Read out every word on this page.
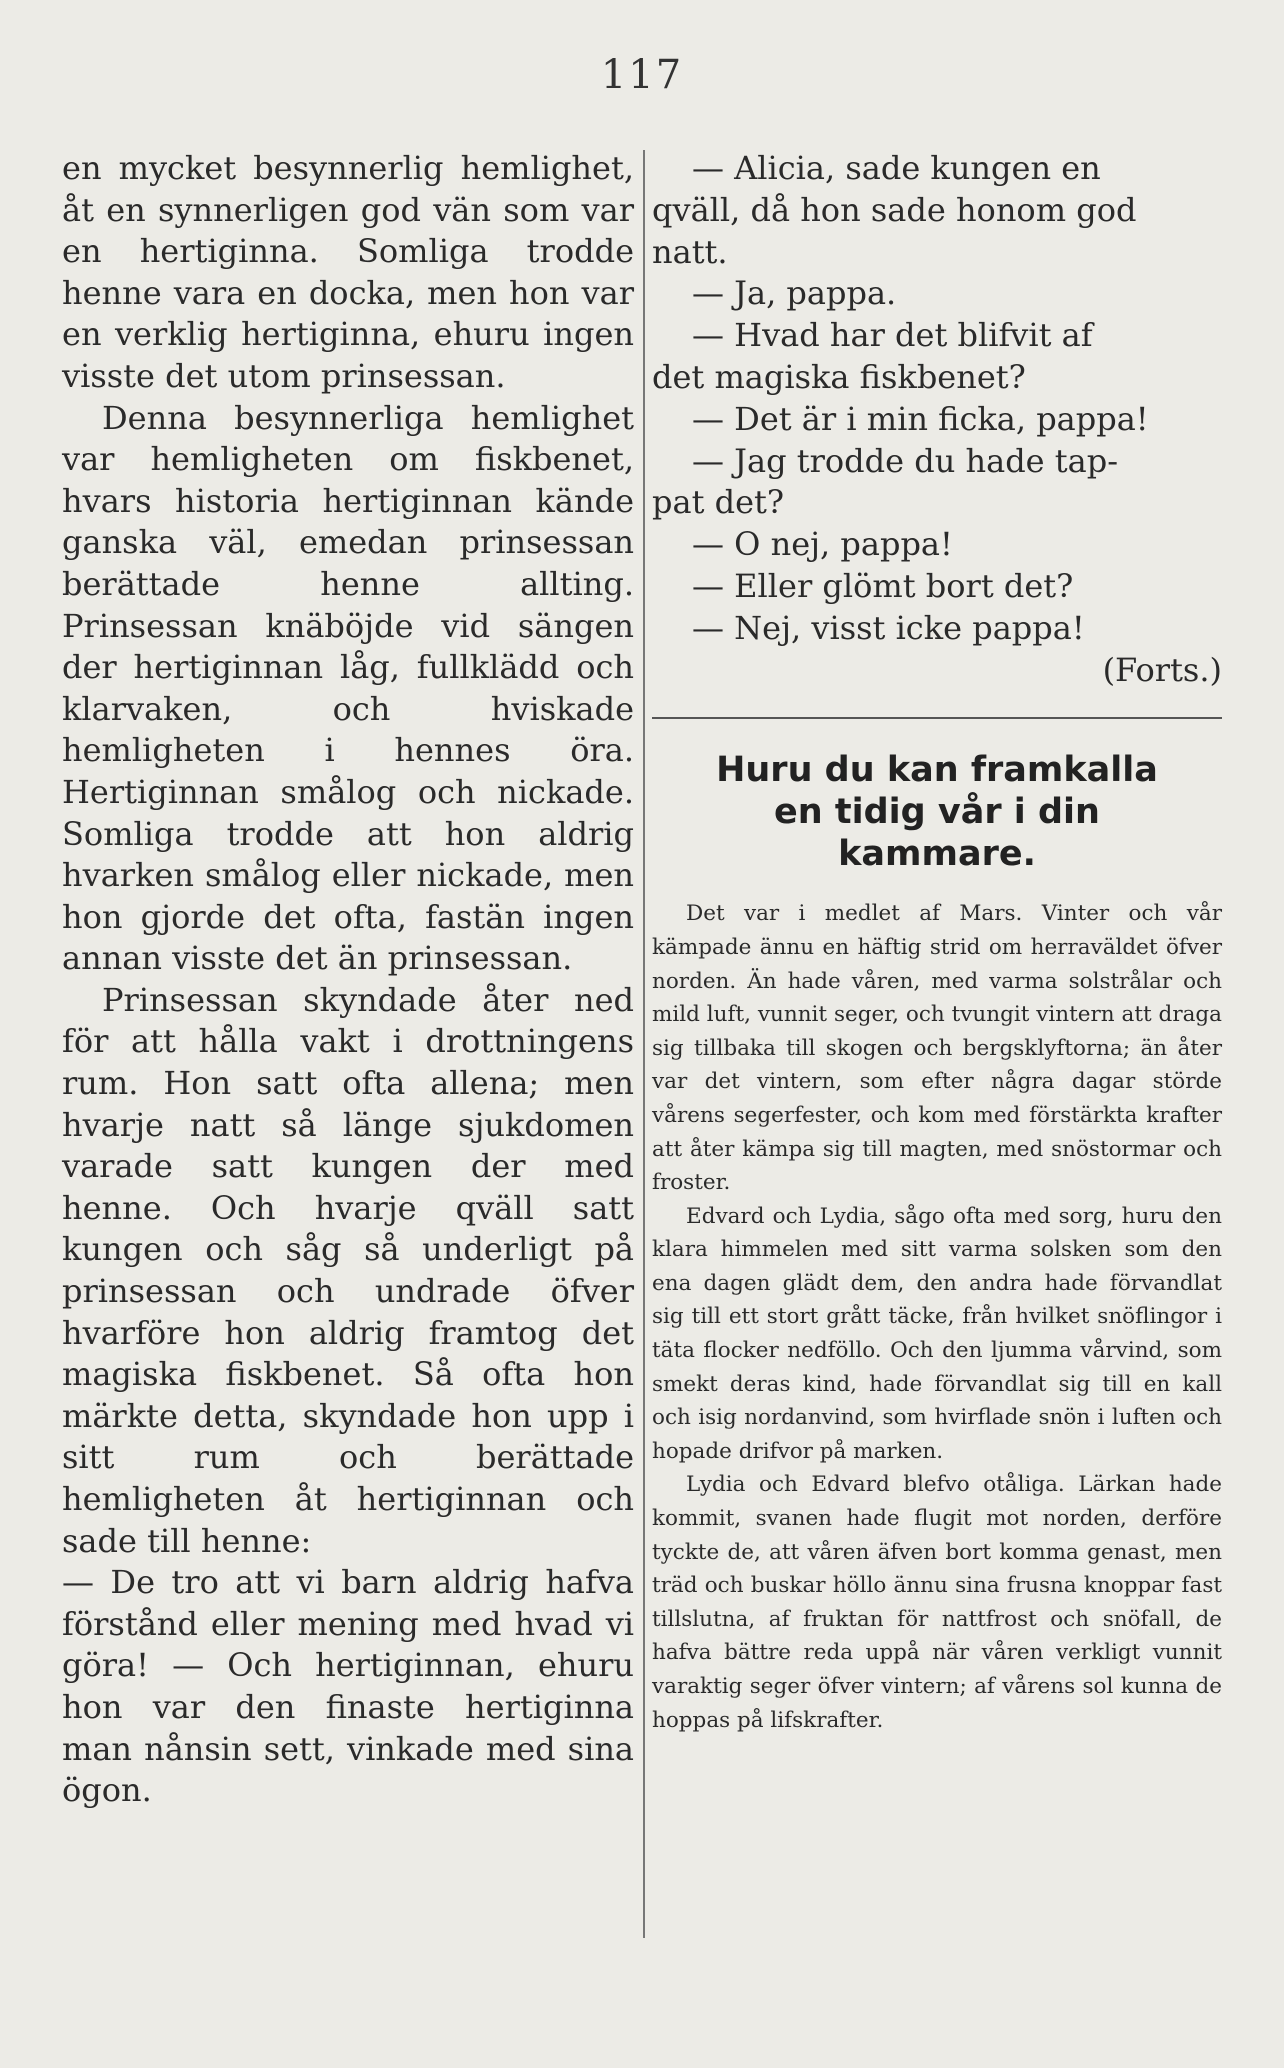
117

en mycket besynnerlig hemlighet, åt en synnerligen god vän som var en hertiginna. Somliga trodde henne vara en docka, men hon var en verklig hertiginna, ehuru ingen visste det utom prinsessan.

Denna besynnerliga hemlighet var hemligheten om fiskbenet, hvars historia hertiginnan kände ganska väl, emedan prinsessan berättade henne allting. Prinsessan knäböjde vid sängen der hertiginnan låg, fullklädd och klarvaken, och hviskade hemligheten i hennes öra. Hertiginnan smålog och nickade. Somliga trodde att hon aldrig hvarken smålog eller nickade, men hon gjorde det ofta, fastän ingen annan visste det än prinsessan.

Prinsessan skyndade åter ned för att hålla vakt i drottningens rum. Hon satt ofta allena; men hvarje natt så länge sjukdomen varade satt kungen der med henne. Och hvarje qväll satt kungen och såg så underligt på prinsessan och undrade öfver hvarföre hon aldrig framtog det magiska fiskbenet. Så ofta hon märkte detta, skyndade hon upp i sitt rum och berättade hemligheten åt hertiginnan och sade till henne:

— De tro att vi barn aldrig hafva förstånd eller mening med hvad vi göra! — Och hertiginnan, ehuru hon var den finaste hertiginna man nånsin sett, vinkade med sina ögon.

— Alicia, sade kungen en

qväll, då hon sade honom god

natt.

— Ja, pappa.

— Hvad har det blifvit af

det magiska fiskbenet?

— Det är i min ficka, pappa!

— Jag trodde du hade tap-

pat det?

— O nej, pappa!

— Eller glömt bort det?

— Nej, visst icke pappa!

(Forts.)

Huru du kan framkalla
en tidig vår i din
kammare.

Det var i medlet af Mars. Vinter och vår kämpade ännu en häftig strid om herraväldet öfver norden. Än hade våren, med varma solstrålar och mild luft, vunnit seger, och tvungit vintern att draga sig tillbaka till skogen och bergsklyftorna; än åter var det vintern, som efter några dagar störde vårens segerfester, och kom med förstärkta krafter att åter kämpa sig till magten, med snöstormar och froster.

Edvard och Lydia, sågo ofta med sorg, huru den klara himmelen med sitt varma solsken som den ena dagen glädt dem, den andra hade förvandlat sig till ett stort grått täcke, från hvilket snöflingor i täta flocker nedföllo. Och den ljumma vårvind, som smekt deras kind, hade förvandlat sig till en kall och isig nordanvind, som hvirflade snön i luften och hopade drifvor på marken.

Lydia och Edvard blefvo otåliga. Lärkan hade kommit, svanen hade flugit mot norden, derföre tyckte de, att våren äfven bort komma genast, men träd och buskar höllo ännu sina frusna knoppar fast tillslutna, af fruktan för nattfrost och snöfall, de hafva bättre reda uppå när våren verkligt vunnit varaktig seger öfver vintern; af vårens sol kunna de hoppas på lifskrafter.
